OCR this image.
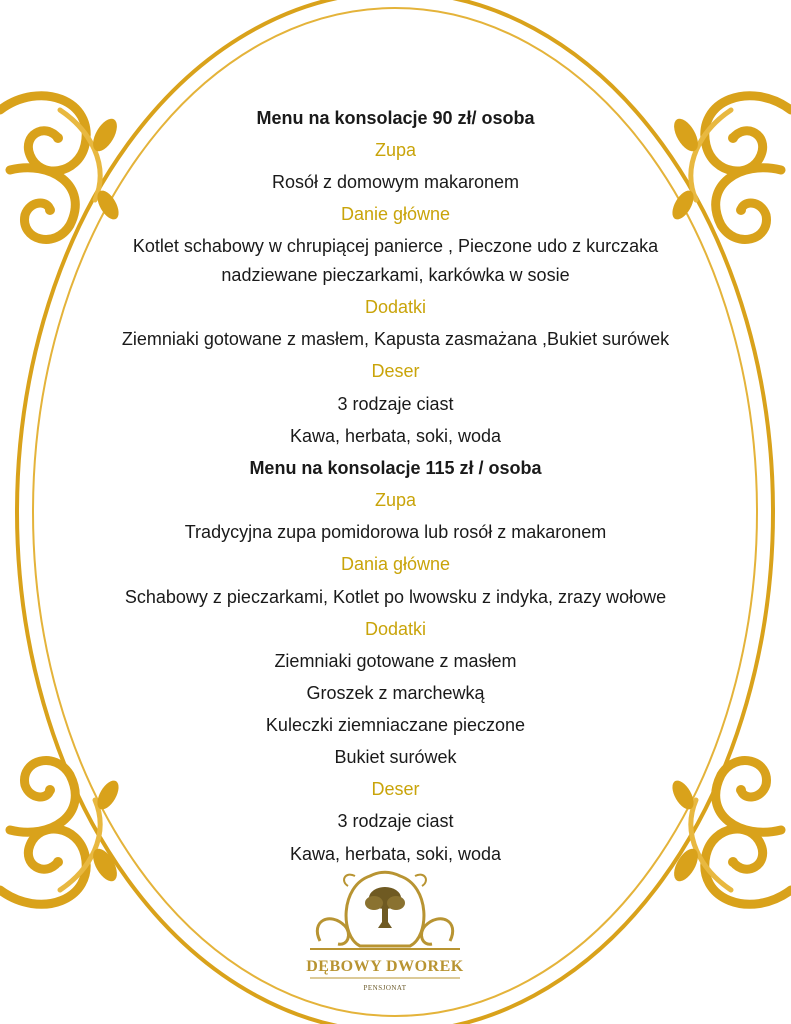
Menu na konsolacje 90 zł/ osoba
Zupa
Rosół z domowym makaronem
Danie główne
Kotlet schabowy w chrupiącej panierce , Pieczone udo z kurczaka
nadziewane pieczarkami, karkówka w sosie
Dodatki
Ziemniaki gotowane z masłem, Kapusta zasmażana ,Bukiet surówek
Deser
3 rodzaje ciast
Kawa, herbata, soki, woda
Menu na konsolacje 115 zł / osoba
Zupa
Tradycyjna zupa pomidorowa lub rosół z makaronem
Dania główne
Schabowy z pieczarkami, Kotlet po lwowsku z indyka, zrazy wołowe
Dodatki
Ziemniaki gotowane z masłem
Groszek z marchewką
Kuleczki ziemniaczane pieczone
Bukiet surówek
Deser
3 rodzaje ciast
Kawa, herbata, soki, woda
DĘBOWY DWOREK
PENSJONAT
